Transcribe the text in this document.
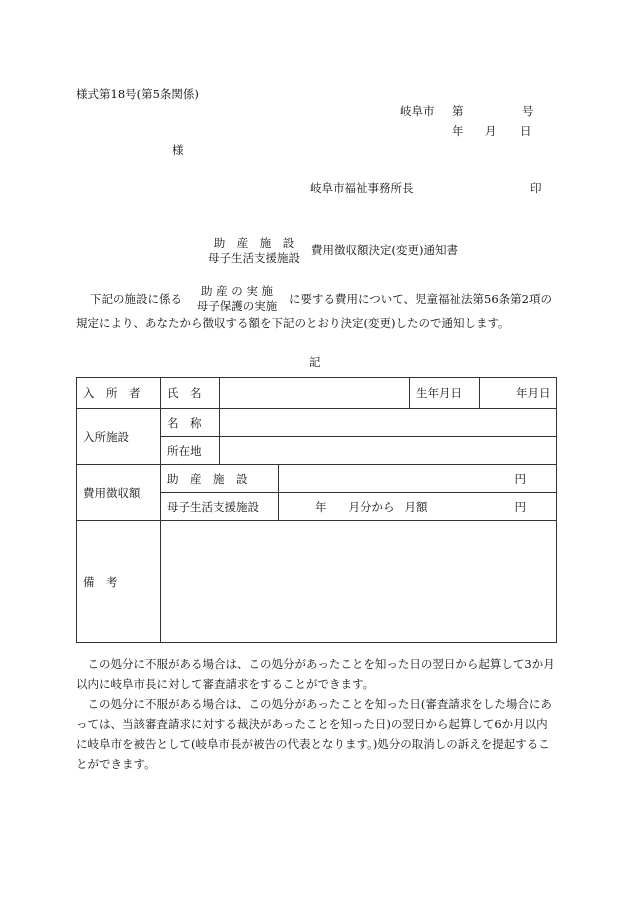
様式第18号(第5条関係)
岐阜市 第	号
年 月 日
様
岐阜市福祉事務所長	印
助　産　施　設
母子生活支援施設
費用徴収額決定(変更)通知書
下記の施設に係る
助 産 の 実 施
母子保護の実施 に要する費用について、児童福祉法第56条第2項の
規定により、あなたから徴収する額を下記のとおり決定(変更)したので通知します。
記
入　所　者	氏　名			生年月日	年 月 日

入所施設	名　称				

所在地				

費用徴収額	助　産　施　設		円		

母子生活支援施設		年 月分から 月額 円		

備　考					

この処分に不服がある場合は、この処分があったことを知った日の翌日から起算して3か月以内に岐阜市長に対して審査請求をすることができます。

この処分に不服がある場合は、この処分があったことを知った日(審査請求をした場合にあっては、当該審査請求に対する裁決があったことを知った日)の翌日から起算して6か月以内に岐阜市を被告として(岐阜市長が被告の代表となります。)処分の取消しの訴えを提起することができます。
